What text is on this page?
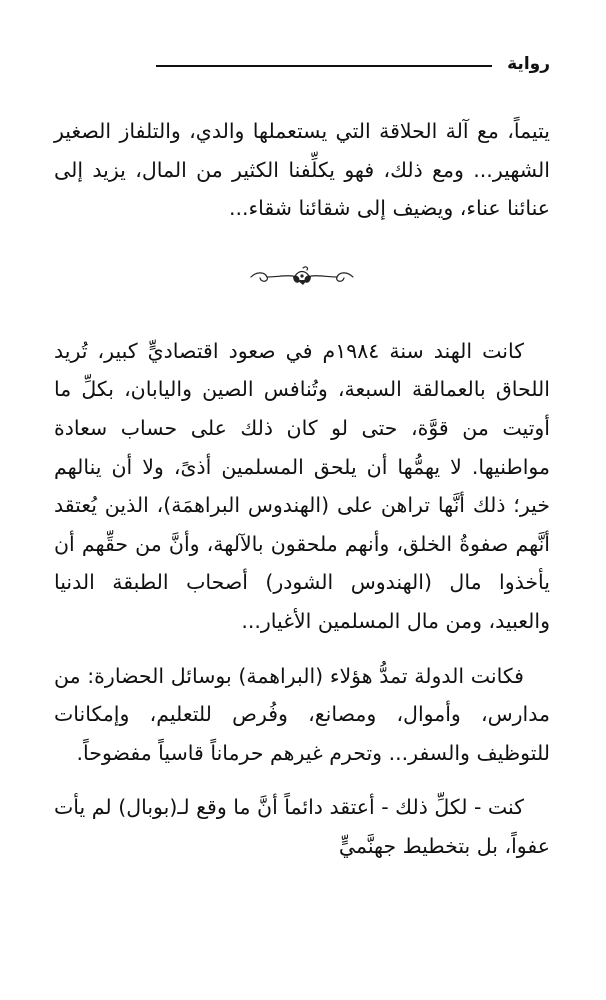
رواية

يتيماً، مع آلة الحلاقة التي يستعملها والدي، والتلفاز الصغير الشهير... ومع ذلك، فهو يكلِّفنا الكثير من المال، يزيد إلى عنائنا عناء، ويضيف إلى شقائنا شقاء...

كانت الهند سنة ١٩٨٤م في صعود اقتصاديٍّ كبير، تُريد اللحاق بالعمالقة السبعة، وتُنافس الصين واليابان، بكلِّ ما أوتيت من قوَّة، حتى لو كان ذلك على حساب سعادة مواطنيها. لا يهمُّها أن يلحق المسلمين أذىً، ولا أن ينالهم خير؛ ذلك أنَّها تراهن على (الهندوس البراهمَة)، الذين يُعتقد أنَّهم صفوةُ الخلق، وأنهم ملحقون بالآلهة، وأنَّ من حقِّهم أن يأخذوا مال (الهندوس الشودر) أصحاب الطبقة الدنيا والعبيد، ومن مال المسلمين الأغيار...

فكانت الدولة تمدُّ هؤلاء (البراهمة) بوسائل الحضارة: من مدارس، وأموال، ومصانع، وفُرص للتعليم، وإمكانات للتوظيف والسفر... وتحرم غيرهم حرماناً قاسياً مفضوحاً.

كنت - لكلِّ ذلك - أعتقد دائماً أنَّ ما وقع لـ(بوبال) لم يأت عفواً، بل بتخطيط جهنَّميٍّ
